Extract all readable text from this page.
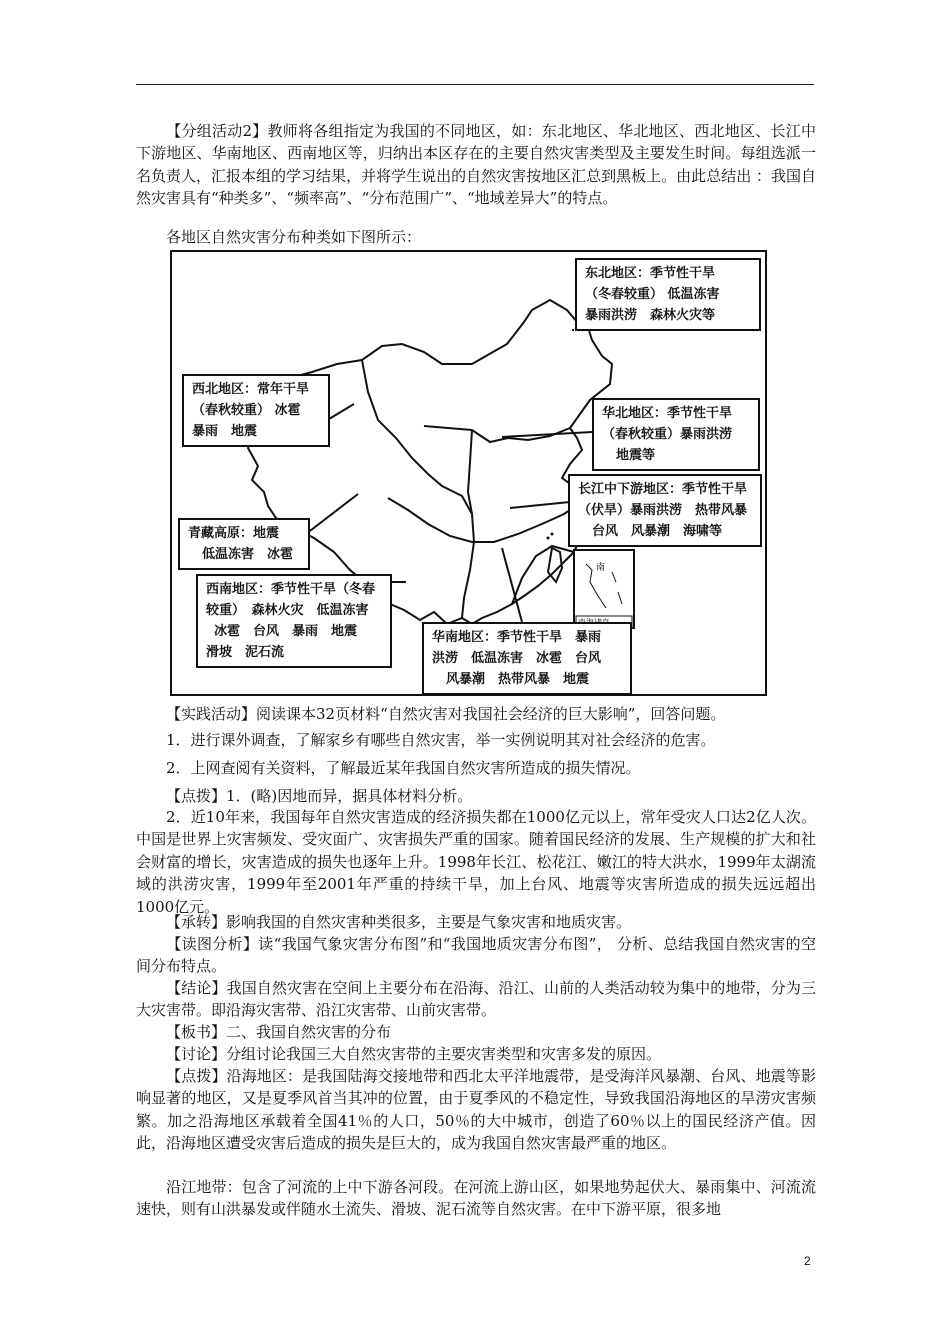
【分组活动2】教师将各组指定为我国的不同地区，如：东北地区、华北地区、西北地区、长江中下游地区、华南地区、西南地区等，归纳出本区存在的主要自然灾害类型及主要发生时间。每组选派一名负责人，汇报本组的学习结果，并将学生说出的自然灾害按地区汇总到黑板上。由此总结出 ：我国自然灾害具有“种类多”、“频率高”、“分布范围广”、“地域差异大”的特点。
各地区自然灾害分布种类如下图所示：
南
东北地区：季节性干旱
（冬春较重） 低温冻害
暴雨洪涝　森林火灾等
西北地区：常年干旱
（春秋较重） 冰雹
暴雨　地震
华北地区：季节性干旱
（春秋较重）暴雨洪涝
地震等
长江中下游地区：季节性干旱
（伏旱）暴雨洪涝　热带风暴
台风　风暴潮　海啸等
青藏高原：地震
低温冻害　冰雹
西南地区：季节性干旱（冬春
较重）　森林火灾　低温冻害
冰雹　台风　暴雨　地震
滑坡　泥石流
华南地区：季节性干旱　暴雨
洪涝　低温冻害　冰雹　台风
风暴潮　热带风暴　地震
【实践活动】阅读课本32页材料“自然灾害对我国社会经济的巨大影响”，回答问题。
1．进行课外调查，了解家乡有哪些自然灾害，举一实例说明其对社会经济的危害。
2．上网查阅有关资料，了解最近某年我国自然灾害所造成的损失情况。
【点拨】1．(略)因地而异，据具体材料分析。
2．近10年来，我国每年自然灾害造成的经济损失都在1000亿元以上，常年受灾人口达2亿人次。中国是世界上灾害频发、受灾面广、灾害损失严重的国家。随着国民经济的发展、生产规模的扩大和社会财富的增长，灾害造成的损失也逐年上升。1998年长江、松花江、嫩江的特大洪水，1999年太湖流域的洪涝灾害，1999年至2001年严重的持续干旱，加上台风、地震等灾害所造成的损失远远超出1000亿元。
【承转】影响我国的自然灾害种类很多，主要是气象灾害和地质灾害。
【读图分析】读“我国气象灾害分布图”和“我国地质灾害分布图”， 分析、总结我国自然灾害的空间分布特点。
【结论】我国自然灾害在空间上主要分布在沿海、沿江、山前的人类活动较为集中的地带，分为三大灾害带。即沿海灾害带、沿江灾害带、山前灾害带。
【板书】二、我国自然灾害的分布
【讨论】分组讨论我国三大自然灾害带的主要灾害类型和灾害多发的原因。
【点拨】沿海地区：是我国陆海交接地带和西北太平洋地震带，是受海洋风暴潮、台风、地震等影响显著的地区，又是夏季风首当其冲的位置，由于夏季风的不稳定性，导致我国沿海地区的旱涝灾害频繁。加之沿海地区承载着全国41％的人口，50％的大中城市，创造了60％以上的国民经济产值。因此，沿海地区遭受灾害后造成的损失是巨大的，成为我国自然灾害最严重的地区。
沿江地带：包含了河流的上中下游各河段。在河流上游山区，如果地势起伏大、暴雨集中、河流流速快，则有山洪暴发或伴随水土流失、滑坡、泥石流等自然灾害。在中下游平原，很多地
2
